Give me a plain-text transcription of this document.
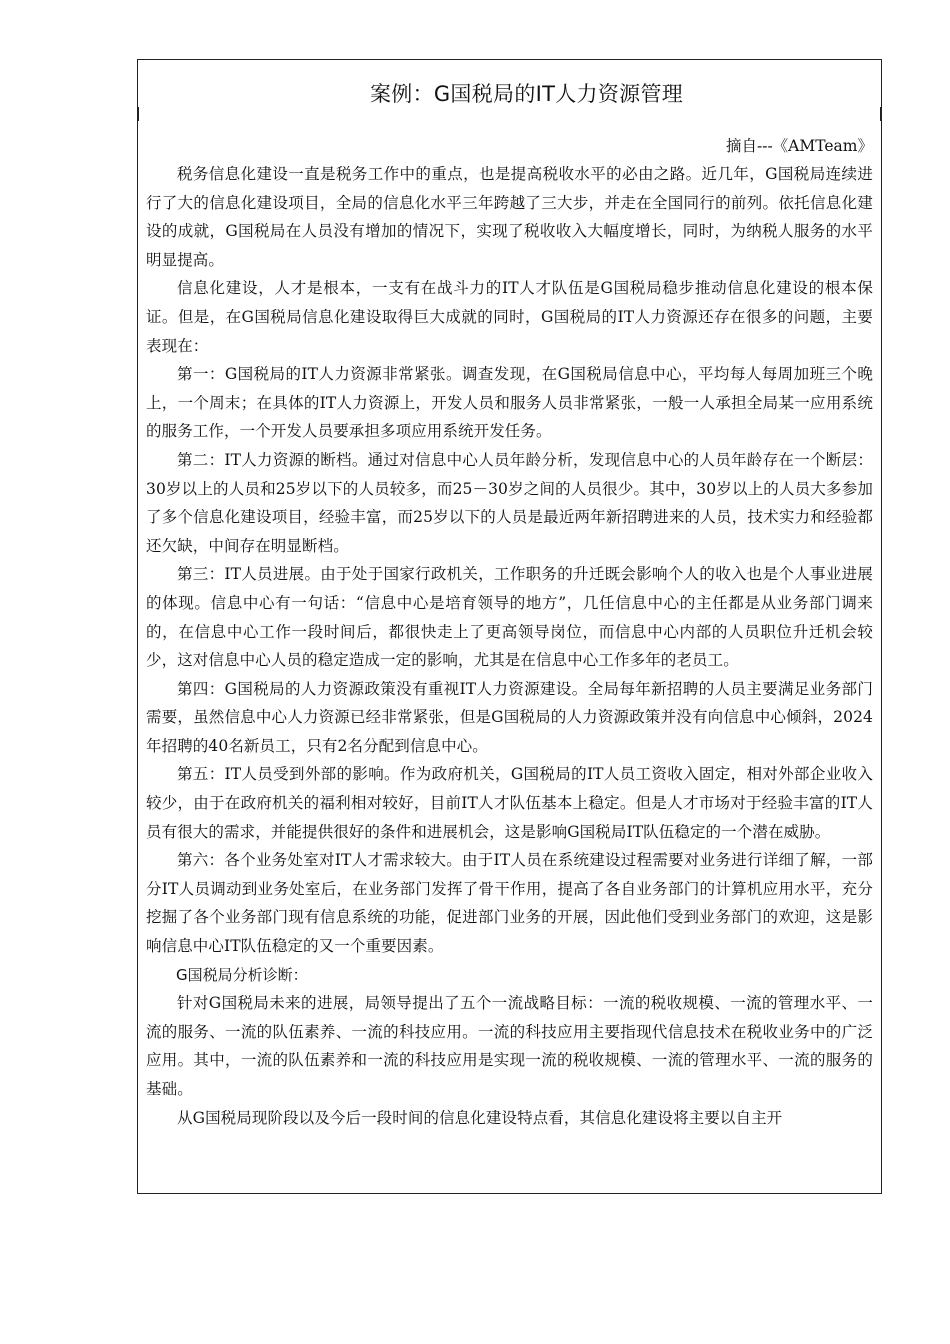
案例：G国税局的IT人力资源管理
摘自---《AMTeam》

税务信息化建设一直是税务工作中的重点，也是提高税收水平的必由之路。近几年，G国税局连续进行了大的信息化建设项目，全局的信息化水平三年跨越了三大步，并走在全国同行的前列。依托信息化建设的成就，G国税局在人员没有增加的情况下，实现了税收收入大幅度增长，同时，为纳税人服务的水平明显提高。

信息化建设，人才是根本，一支有在战斗力的IT人才队伍是G国税局稳步推动信息化建设的根本保证。但是，在G国税局信息化建设取得巨大成就的同时，G国税局的IT人力资源还存在很多的问题，主要表现在：

第一：G国税局的IT人力资源非常紧张。调查发现，在G国税局信息中心，平均每人每周加班三个晚上，一个周末；在具体的IT人力资源上，开发人员和服务人员非常紧张，一般一人承担全局某一应用系统的服务工作，一个开发人员要承担多项应用系统开发任务。

第二：IT人力资源的断档。通过对信息中心人员年龄分析，发现信息中心的人员年龄存在一个断层：30岁以上的人员和25岁以下的人员较多，而25－30岁之间的人员很少。其中，30岁以上的人员大多参加了多个信息化建设项目，经验丰富，而25岁以下的人员是最近两年新招聘进来的人员，技术实力和经验都还欠缺，中间存在明显断档。

第三：IT人员进展。由于处于国家行政机关，工作职务的升迁既会影响个人的收入也是个人事业进展的体现。信息中心有一句话：“信息中心是培育领导的地方”，几任信息中心的主任都是从业务部门调来的，在信息中心工作一段时间后，都很快走上了更高领导岗位，而信息中心内部的人员职位升迁机会较少，这对信息中心人员的稳定造成一定的影响，尤其是在信息中心工作多年的老员工。

第四：G国税局的人力资源政策没有重视IT人力资源建设。全局每年新招聘的人员主要满足业务部门需要，虽然信息中心人力资源已经非常紧张，但是G国税局的人力资源政策并没有向信息中心倾斜，2024年招聘的40名新员工，只有2名分配到信息中心。

第五：IT人员受到外部的影响。作为政府机关，G国税局的IT人员工资收入固定，相对外部企业收入较少，由于在政府机关的福利相对较好，目前IT人才队伍基本上稳定。但是人才市场对于经验丰富的IT人员有很大的需求，并能提供很好的条件和进展机会，这是影响G国税局IT队伍稳定的一个潜在威胁。

第六：各个业务处室对IT人才需求较大。由于IT人员在系统建设过程需要对业务进行详细了解，一部分IT人员调动到业务处室后，在业务部门发挥了骨干作用，提高了各自业务部门的计算机应用水平，充分挖掘了各个业务部门现有信息系统的功能，促进部门业务的开展，因此他们受到业务部门的欢迎，这是影响信息中心IT队伍稳定的又一个重要因素。

G国税局分析诊断：

针对G国税局未来的进展，局领导提出了五个一流战略目标：一流的税收规模、一流的管理水平、一流的服务、一流的队伍素养、一流的科技应用。一流的科技应用主要指现代信息技术在税收业务中的广泛应用。其中，一流的队伍素养和一流的科技应用是实现一流的税收规模、一流的管理水平、一流的服务的基础。

从G国税局现阶段以及今后一段时间的信息化建设特点看，其信息化建设将主要以自主开
